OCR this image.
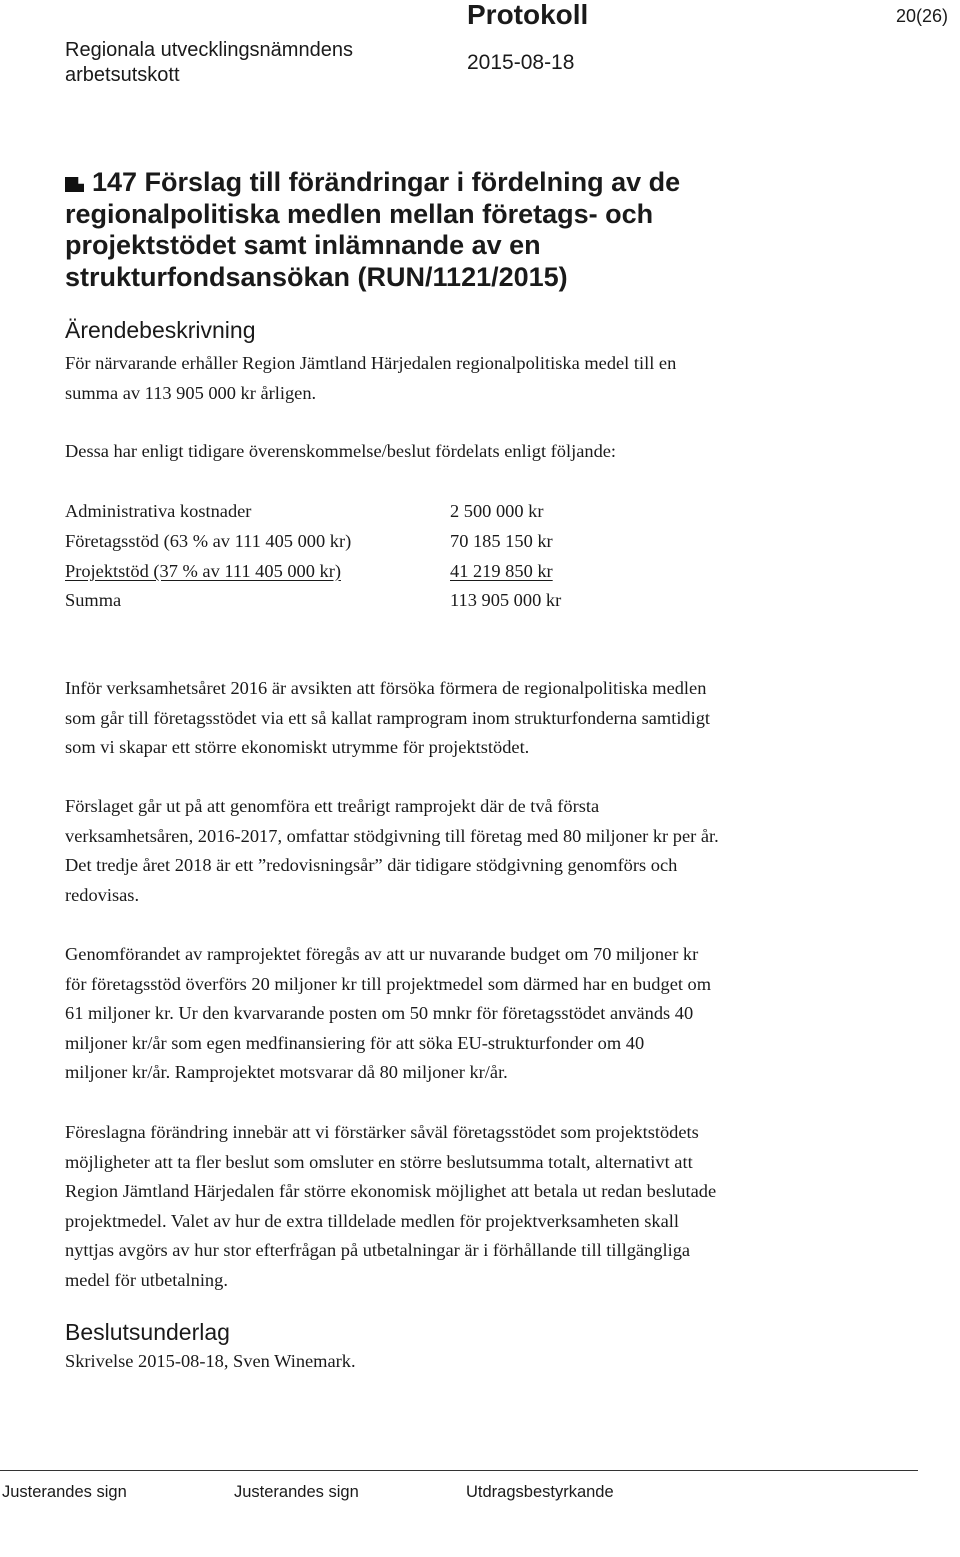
Regionala utvecklingsnämndens
arbetsutskott
Protokoll
2015-08-18
20(26)
147 Förslag till förändringar i fördelning av de
regionalpolitiska medlen mellan företags- och
projektstödet samt inlämnande av en
strukturfondsansökan (RUN/1121/2015)
Ärendebeskrivning
För närvarande erhåller Region Jämtland Härjedalen regionalpolitiska medel till en
summa av 113 905 000 kr årligen.
Dessa har enligt tidigare överenskommelse/beslut fördelats enligt följande:
Administrativa kostnader	2 500 000 kr
Företagsstöd (63 % av 111 405 000 kr)	70 185 150 kr
Projektstöd (37 % av 111 405 000 kr)	41 219 850 kr
Summa	113 905 000 kr
Inför verksamhetsåret 2016 är avsikten att försöka förmera de regionalpolitiska medlen
som går till företagsstödet via ett så kallat ramprogram inom strukturfonderna samtidigt
som vi skapar ett större ekonomiskt utrymme för projektstödet.
Förslaget går ut på att genomföra ett treårigt ramprojekt där de två första
verksamhetsåren, 2016-2017, omfattar stödgivning till företag med 80 miljoner kr per år.
Det tredje året 2018 är ett ”redovisningsår” där tidigare stödgivning genomförs och
redovisas.
Genomförandet av ramprojektet föregås av att ur nuvarande budget om 70 miljoner kr
för företagsstöd överförs 20 miljoner kr till projektmedel som därmed har en budget om
61 miljoner kr. Ur den kvarvarande posten om 50 mnkr för företagsstödet används 40
miljoner kr/år som egen medfinansiering för att söka EU-strukturfonder om 40
miljoner kr/år. Ramprojektet motsvarar då 80 miljoner kr/år.
Föreslagna förändring innebär att vi förstärker såväl företagsstödet som projektstödets
möjligheter att ta fler beslut som omsluter en större beslutsumma totalt, alternativt att
Region Jämtland Härjedalen får större ekonomisk möjlighet att betala ut redan beslutade
projektmedel. Valet av hur de extra tilldelade medlen för projektverksamheten skall
nyttjas avgörs av hur stor efterfrågan på utbetalningar är i förhållande till tillgängliga
medel för utbetalning.
Beslutsunderlag
Skrivelse 2015-08-18, Sven Winemark.
Justerandes sign	Justerandes sign	Utdragsbestyrkande
